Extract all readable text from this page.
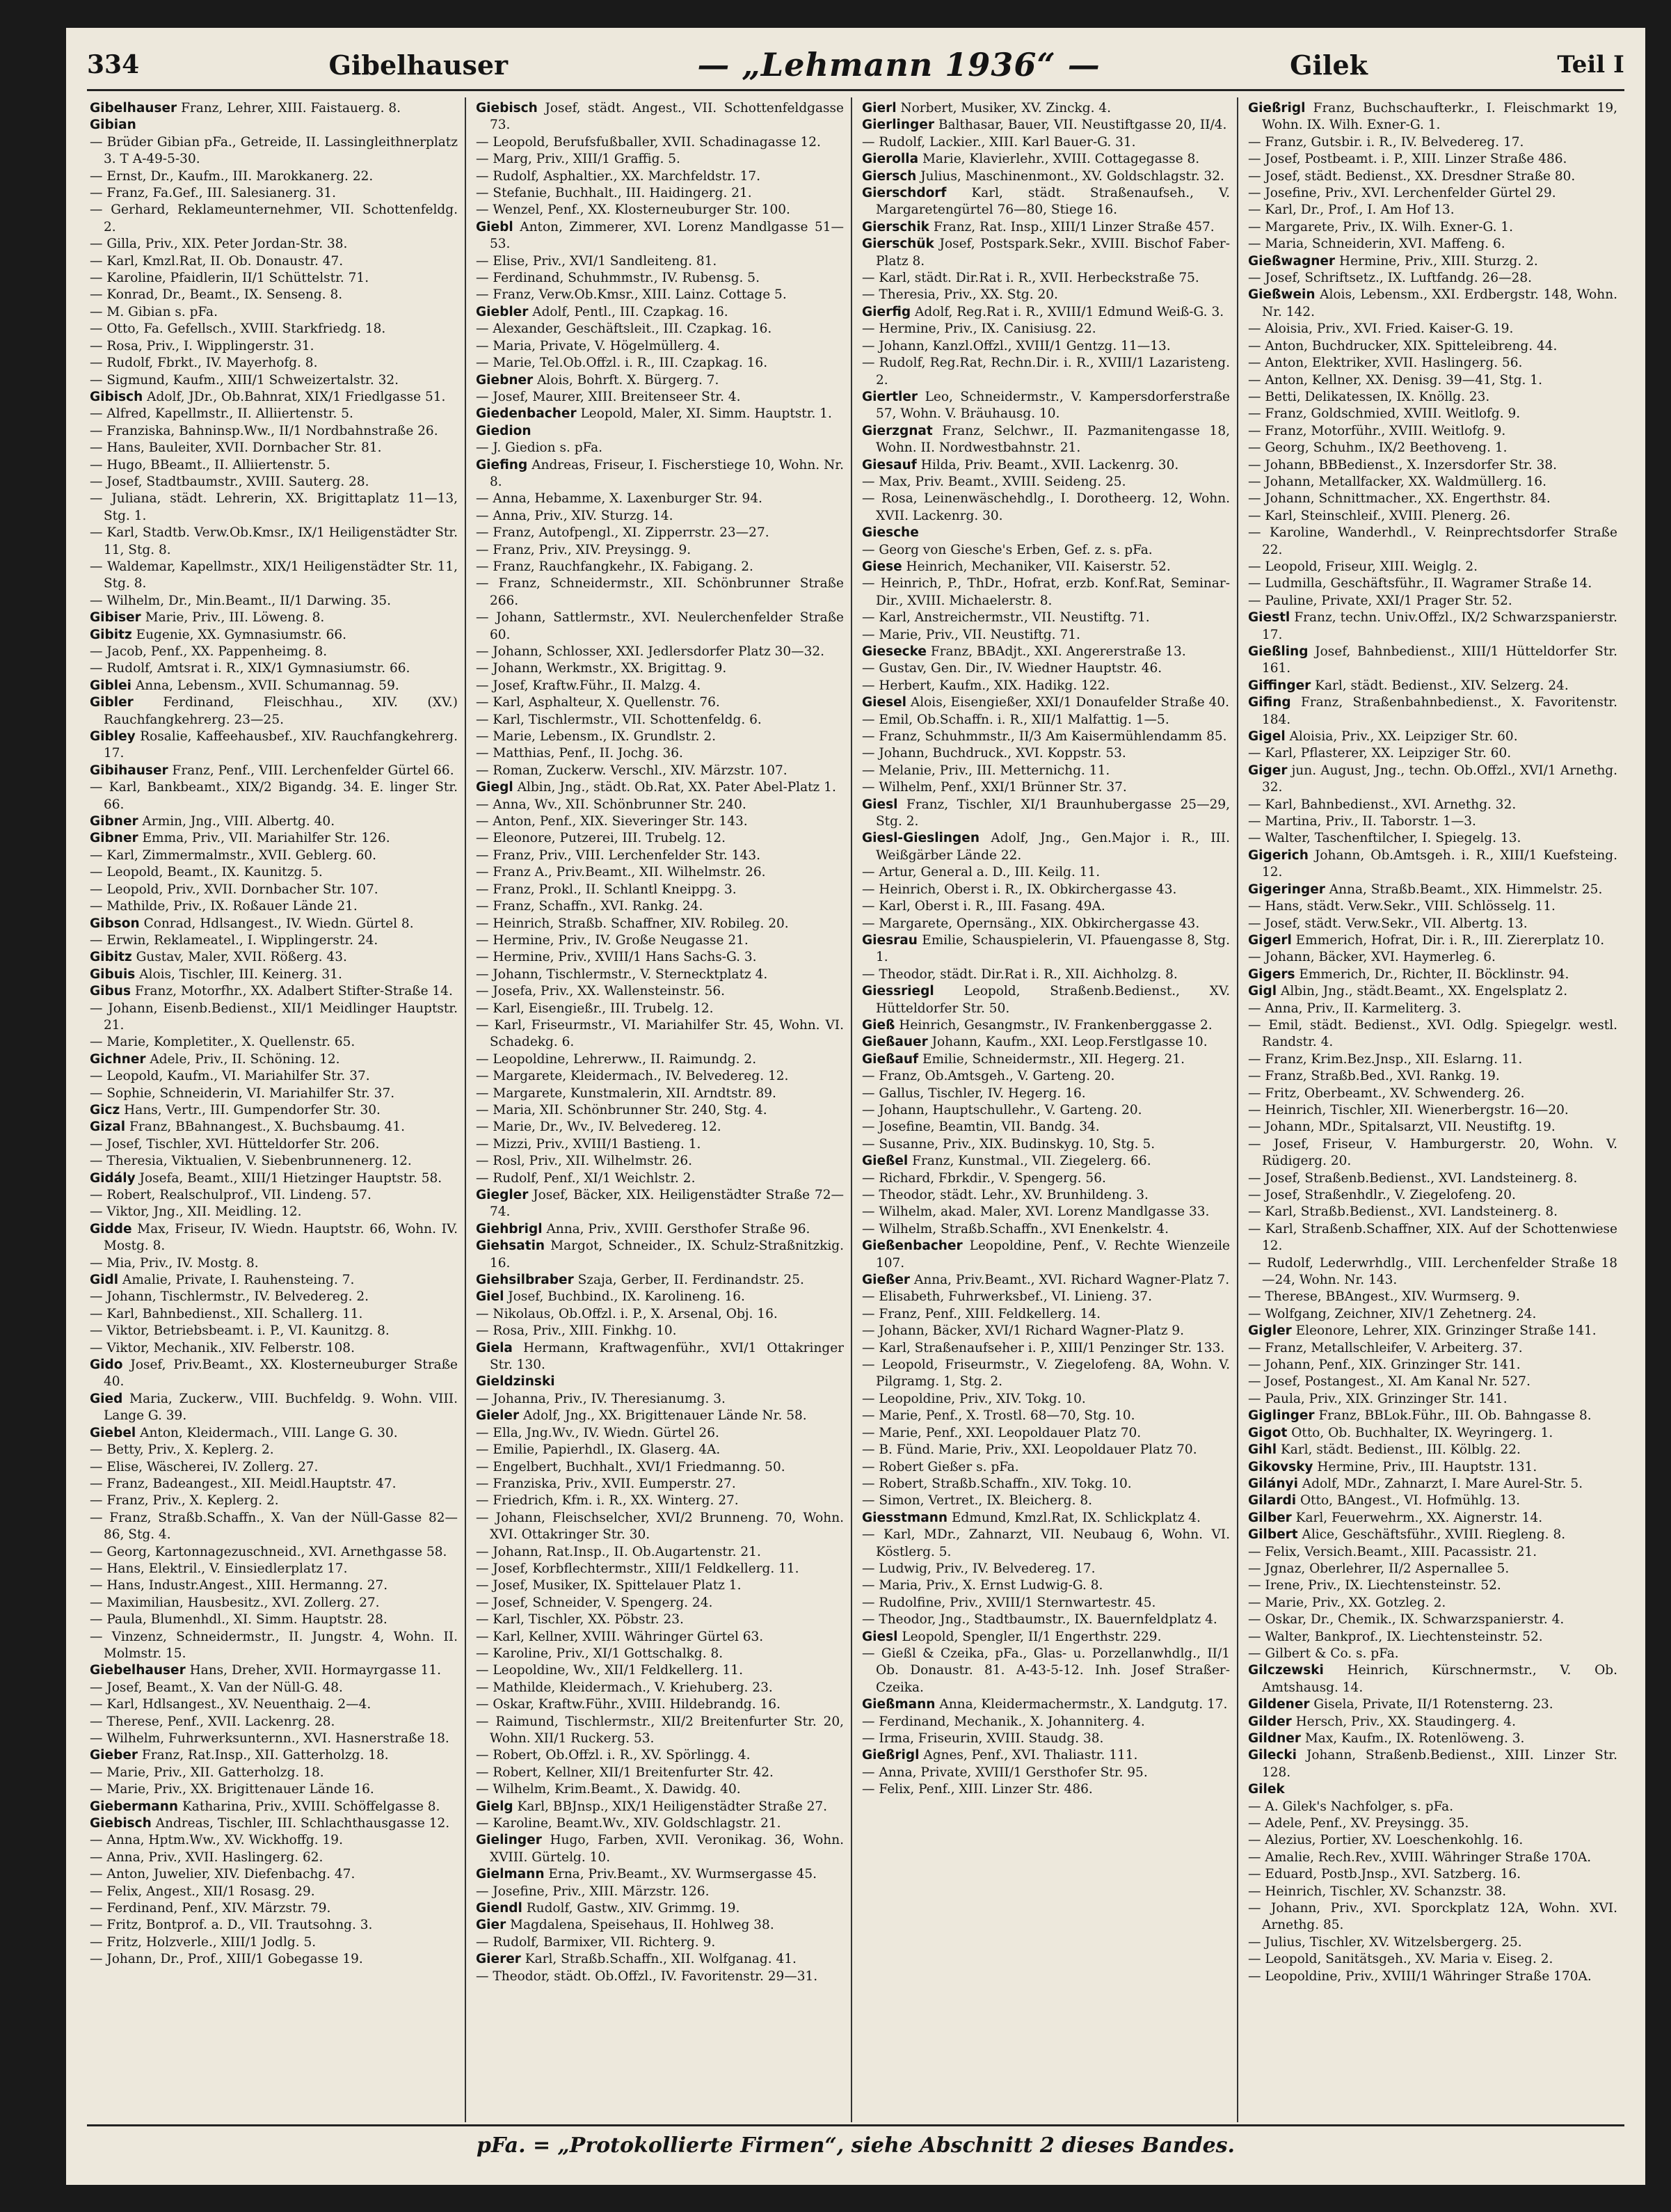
334	Gibelhauser	— „Lehmann 1936“ —	Gilek	Teil I

Gibelhauser Franz, Lehrer, XIII. Faistauerg. 8.

Gibian

— Brüder Gibian pFa., Getreide, II. Lassingleithnerplatz 3. T A-49-5-30.

— Ernst, Dr., Kaufm., III. Marokkanerg. 22.

— Franz, Fa.Gef., III. Salesianerg. 31.

— Gerhard, Reklameunternehmer, VII. Schottenfeldg. 2.

— Gilla, Priv., XIX. Peter Jordan-Str. 38.

— Karl, Kmzl.Rat, II. Ob. Donaustr. 47.

— Karoline, Pfaidlerin, II/1 Schüttelstr. 71.

— Konrad, Dr., Beamt., IX. Senseng. 8.

— M. Gibian s. pFa.

— Otto, Fa. Gefellsch., XVIII. Starkfriedg. 18.

— Rosa, Priv., I. Wipplingerstr. 31.

— Rudolf, Fbrkt., IV. Mayerhofg. 8.

— Sigmund, Kaufm., XIII/1 Schweizertalstr. 32.

Gibisch Adolf, JDr., Ob.Bahnrat, XIX/1 Friedlgasse 51.

— Alfred, Kapellmstr., II. Alliiertenstr. 5.

— Franziska, Bahninsp.Ww., II/1 Nordbahnstraße 26.

— Hans, Bauleiter, XVII. Dornbacher Str. 81.

— Hugo, BBeamt., II. Alliiertenstr. 5.

— Josef, Stadtbaumstr., XVIII. Sauterg. 28.

— Juliana, städt. Lehrerin, XX. Brigittaplatz 11—13, Stg. 1.

— Karl, Stadtb. Verw.Ob.Kmsr., IX/1 Heiligenstädter Str. 11, Stg. 8.

— Waldemar, Kapellmstr., XIX/1 Heiligenstädter Str. 11, Stg. 8.

— Wilhelm, Dr., Min.Beamt., II/1 Darwing. 35.

Gibiser Marie, Priv., III. Löweng. 8.

Gibitz Eugenie, XX. Gymnasiumstr. 66.

— Jacob, Penf., XX. Pappenheimg. 8.

— Rudolf, Amtsrat i. R., XIX/1 Gymnasiumstr. 66.

Giblei Anna, Lebensm., XVII. Schumannag. 59.

Gibler Ferdinand, Fleischhau., XIV. (XV.) Rauchfangkehrerg. 23—25.

Gibley Rosalie, Kaffeehausbef., XIV. Rauchfangkehrerg. 17.

Gibihauser Franz, Penf., VIII. Lerchenfelder Gürtel 66.

— Karl, Bankbeamt., XIX/2 Bigandg. 34. E. linger Str. 66.

Gibner Armin, Jng., VIII. Albertg. 40.

Gibner Emma, Priv., VII. Mariahilfer Str. 126.

— Karl, Zimmermalmstr., XVII. Geblerg. 60.

— Leopold, Beamt., IX. Kaunitzg. 5.

— Leopold, Priv., XVII. Dornbacher Str. 107.

— Mathilde, Priv., IX. Roßauer Lände 21.

Gibson Conrad, Hdlsangest., IV. Wiedn. Gürtel 8.

— Erwin, Reklameatel., I. Wipplingerstr. 24.

Gibitz Gustav, Maler, XVII. Rößerg. 43.

Gibuis Alois, Tischler, III. Keinerg. 31.

Gibus Franz, Motorfhr., XX. Adalbert Stifter-Straße 14.

— Johann, Eisenb.Bedienst., XII/1 Meidlinger Hauptstr. 21.

— Marie, Kompletiter., X. Quellenstr. 65.

Gichner Adele, Priv., II. Schöning. 12.

— Leopold, Kaufm., VI. Mariahilfer Str. 37.

— Sophie, Schneiderin, VI. Mariahilfer Str. 37.

Gicz Hans, Vertr., III. Gumpendorfer Str. 30.

Gizal Franz, BBahnangest., X. Buchsbaumg. 41.

— Josef, Tischler, XVI. Hütteldorfer Str. 206.

— Theresia, Viktualien, V. Siebenbrunnenerg. 12.

Gidály Josefa, Beamt., XIII/1 Hietzinger Hauptstr. 58.

— Robert, Realschulprof., VII. Lindeng. 57.

— Viktor, Jng., XII. Meidling. 12.

Gidde Max, Friseur, IV. Wiedn. Hauptstr. 66, Wohn. IV. Mostg. 8.

— Mia, Priv., IV. Mostg. 8.

Gidl Amalie, Private, I. Rauhensteing. 7.

— Johann, Tischlermstr., IV. Belvedereg. 2.

— Karl, Bahnbedienst., XII. Schallerg. 11.

— Viktor, Betriebsbeamt. i. P., VI. Kaunitzg. 8.

— Viktor, Mechanik., XIV. Felberstr. 108.

Gido Josef, Priv.Beamt., XX. Klosterneuburger Straße 40.

Gied Maria, Zuckerw., VIII. Buchfeldg. 9. Wohn. VIII. Lange G. 39.

Giebel Anton, Kleidermach., VIII. Lange G. 30.

— Betty, Priv., X. Keplerg. 2.

— Elise, Wäscherei, IV. Zollerg. 27.

— Franz, Badeangest., XII. Meidl.Hauptstr. 47.

— Franz, Priv., X. Keplerg. 2.

— Franz, Straßb.Schaffn., X. Van der Nüll-Gasse 82—86, Stg. 4.

— Georg, Kartonnagezuschneid., XVI. Arnethgasse 58.

— Hans, Elektril., V. Einsiedlerplatz 17.

— Hans, Industr.Angest., XIII. Hermanng. 27.

— Maximilian, Hausbesitz., XVI. Zollerg. 27.

— Paula, Blumenhdl., XI. Simm. Hauptstr. 28.

— Vinzenz, Schneidermstr., II. Jungstr. 4, Wohn. II. Molmstr. 15.

Giebelhauser Hans, Dreher, XVII. Hormayrgasse 11.

— Josef, Beamt., X. Van der Nüll-G. 48.

— Karl, Hdlsangest., XV. Neuenthaig. 2—4.

— Therese, Penf., XVII. Lackenrg. 28.

— Wilhelm, Fuhrwerksunternn., XVI. Hasnerstraße 18.

Gieber Franz, Rat.Insp., XII. Gatterholzg. 18.

— Marie, Priv., XII. Gatterholzg. 18.

— Marie, Priv., XX. Brigittenauer Lände 16.

Giebermann Katharina, Priv., XVIII. Schöffelgasse 8.

Giebisch Andreas, Tischler, III. Schlachthausgasse 12.

— Anna, Hptm.Ww., XV. Wickhoffg. 19.

— Anna, Priv., XVII. Haslingerg. 62.

— Anton, Juwelier, XIV. Diefenbachg. 47.

— Felix, Angest., XII/1 Rosasg. 29.

— Ferdinand, Penf., XIV. Märzstr. 79.

— Fritz, Bontprof. a. D., VII. Trautsohng. 3.

— Fritz, Holzverle., XIII/1 Jodlg. 5.

— Johann, Dr., Prof., XIII/1 Gobegasse 19.

Giebisch Josef, städt. Angest., VII. Schottenfeldgasse 73.

— Leopold, Berufsfußballer, XVII. Schadinagasse 12.

— Marg, Priv., XIII/1 Graffig. 5.

— Rudolf, Asphaltier., XX. Marchfeldstr. 17.

— Stefanie, Buchhalt., III. Haidingerg. 21.

— Wenzel, Penf., XX. Klosterneuburger Str. 100.

Giebl Anton, Zimmerer, XVI. Lorenz Mandlgasse 51—53.

— Elise, Priv., XVI/1 Sandleiteng. 81.

— Ferdinand, Schuhmmstr., IV. Rubensg. 5.

— Franz, Verw.Ob.Kmsr., XIII. Lainz. Cottage 5.

Giebler Adolf, Pentl., III. Czapkag. 16.

— Alexander, Geschäftsleit., III. Czapkag. 16.

— Maria, Private, V. Högelmüllerg. 4.

— Marie, Tel.Ob.Offzl. i. R., III. Czapkag. 16.

Giebner Alois, Bohrft. X. Bürgerg. 7.

— Josef, Maurer, XIII. Breitenseer Str. 4.

Giedenbacher Leopold, Maler, XI. Simm. Hauptstr. 1.

Giedion

— J. Giedion s. pFa.

Giefing Andreas, Friseur, I. Fischerstiege 10, Wohn. Nr. 8.

— Anna, Hebamme, X. Laxenburger Str. 94.

— Anna, Priv., XIV. Sturzg. 14.

— Franz, Autofpengl., XI. Zipperrstr. 23—27.

— Franz, Priv., XIV. Preysingg. 9.

— Franz, Rauchfangkehr., IX. Fabigang. 2.

— Franz, Schneidermstr., XII. Schönbrunner Straße 266.

— Johann, Sattlermstr., XVI. Neulerchenfelder Straße 60.

— Johann, Schlosser, XXI. Jedlersdorfer Platz 30—32.

— Johann, Werkmstr., XX. Brigittag. 9.

— Josef, Kraftw.Führ., II. Malzg. 4.

— Karl, Asphalteur, X. Quellenstr. 76.

— Karl, Tischlermstr., VII. Schottenfeldg. 6.

— Marie, Lebensm., IX. Grundlstr. 2.

— Matthias, Penf., II. Jochg. 36.

— Roman, Zuckerw. Verschl., XIV. Märzstr. 107.

Giegl Albin, Jng., städt. Ob.Rat, XX. Pater Abel-Platz 1.

— Anna, Wv., XII. Schönbrunner Str. 240.

— Anton, Penf., XIX. Sieveringer Str. 143.

— Eleonore, Putzerei, III. Trubelg. 12.

— Franz, Priv., VIII. Lerchenfelder Str. 143.

— Franz A., Priv.Beamt., XII. Wilhelmstr. 26.

— Franz, Prokl., II. Schlantl Kneippg. 3.

— Franz, Schaffn., XVI. Rankg. 24.

— Heinrich, Straßb. Schaffner, XIV. Robileg. 20.

— Hermine, Priv., IV. Große Neugasse 21.

— Hermine, Priv., XVIII/1 Hans Sachs-G. 3.

— Johann, Tischlermstr., V. Sternecktplatz 4.

— Josefa, Priv., XX. Wallensteinstr. 56.

— Karl, Eisengießr., III. Trubelg. 12.

— Karl, Friseurmstr., VI. Mariahilfer Str. 45, Wohn. VI. Schadekg. 6.

— Leopoldine, Lehrerww., II. Raimundg. 2.

— Margarete, Kleidermach., IV. Belvedereg. 12.

— Margarete, Kunstmalerin, XII. Arndtstr. 89.

— Maria, XII. Schönbrunner Str. 240, Stg. 4.

— Marie, Dr., Wv., IV. Belvedereg. 12.

— Mizzi, Priv., XVIII/1 Bastieng. 1.

— Rosl, Priv., XII. Wilhelmstr. 26.

— Rudolf, Penf., XI/1 Weichlstr. 2.

Giegler Josef, Bäcker, XIX. Heiligenstädter Straße 72—74.

Giehbrigl Anna, Priv., XVIII. Gersthofer Straße 96.

Giehsatin Margot, Schneider., IX. Schulz-Straßnitzkig. 16.

Giehsilbraber Szaja, Gerber, II. Ferdinandstr. 25.

Giel Josef, Buchbind., IX. Karolineng. 16.

— Nikolaus, Ob.Offzl. i. P., X. Arsenal, Obj. 16.

— Rosa, Priv., XIII. Finkhg. 10.

Giela Hermann, Kraftwagenführ., XVI/1 Ottakringer Str. 130.

Gieldzinski

— Johanna, Priv., IV. Theresianumg. 3.

Gieler Adolf, Jng., XX. Brigittenauer Lände Nr. 58.

— Ella, Jng.Wv., IV. Wiedn. Gürtel 26.

— Emilie, Papierhdl., IX. Glaserg. 4A.

— Engelbert, Buchhalt., XVI/1 Friedmanng. 50.

— Franziska, Priv., XVII. Eumperstr. 27.

— Friedrich, Kfm. i. R., XX. Winterg. 27.

— Johann, Fleischselcher, XVI/2 Brunneng. 70, Wohn. XVI. Ottakringer Str. 30.

— Johann, Rat.Insp., II. Ob.Augartenstr. 21.

— Josef, Korbflechtermstr., XIII/1 Feldkellerg. 11.

— Josef, Musiker, IX. Spittelauer Platz 1.

— Josef, Schneider, V. Spengerg. 24.

— Karl, Tischler, XX. Pöbstr. 23.

— Karl, Kellner, XVIII. Währinger Gürtel 63.

— Karoline, Priv., XI/1 Gottschalkg. 8.

— Leopoldine, Wv., XII/1 Feldkellerg. 11.

— Mathilde, Kleidermach., V. Kriehuberg. 23.

— Oskar, Kraftw.Führ., XVIII. Hildebrandg. 16.

— Raimund, Tischlermstr., XII/2 Breitenfurter Str. 20, Wohn. XII/1 Ruckerg. 53.

— Robert, Ob.Offzl. i. R., XV. Spörlingg. 4.

— Robert, Kellner, XII/1 Breitenfurter Str. 42.

— Wilhelm, Krim.Beamt., X. Dawidg. 40.

Gielg Karl, BBJnsp., XIX/1 Heiligenstädter Straße 27.

— Karoline, Beamt.Wv., XIV. Goldschlagstr. 21.

Gielinger Hugo, Farben, XVII. Veronikag. 36, Wohn. XVIII. Gürtelg. 10.

Gielmann Erna, Priv.Beamt., XV. Wurmsergasse 45.

— Josefine, Priv., XIII. Märzstr. 126.

Giendl Rudolf, Gastw., XIV. Grimmg. 19.

Gier Magdalena, Speisehaus, II. Hohlweg 38.

— Rudolf, Barmixer, VII. Richterg. 9.

Gierer Karl, Straßb.Schaffn., XII. Wolfganag. 41.

— Theodor, städt. Ob.Offzl., IV. Favoritenstr. 29—31.

Gierl Norbert, Musiker, XV. Zinckg. 4.

Gierlinger Balthasar, Bauer, VII. Neustiftgasse 20, II/4.

— Rudolf, Lackier., XIII. Karl Bauer-G. 31.

Gierolla Marie, Klavierlehr., XVIII. Cottagegasse 8.

Giersch Julius, Maschinenmont., XV. Goldschlagstr. 32.

Gierschdorf Karl, städt. Straßenaufseh., V. Margaretengürtel 76—80, Stiege 16.

Gierschik Franz, Rat. Insp., XIII/1 Linzer Straße 457.

Gierschük Josef, Postspark.Sekr., XVIII. Bischof Faber-Platz 8.

— Karl, städt. Dir.Rat i. R., XVII. Herbeckstraße 75.

— Theresia, Priv., XX. Stg. 20.

Gierfig Adolf, Reg.Rat i. R., XVIII/1 Edmund Weiß-G. 3.

— Hermine, Priv., IX. Canisiusg. 22.

— Johann, Kanzl.Offzl., XVIII/1 Gentzg. 11—13.

— Rudolf, Reg.Rat, Rechn.Dir. i. R., XVIII/1 Lazaristeng. 2.

Giertler Leo, Schneidermstr., V. Kampersdorferstraße 57, Wohn. V. Bräuhausg. 10.

Gierzgnat Franz, Selchwr., II. Pazmanitengasse 18, Wohn. II. Nordwestbahnstr. 21.

Giesauf Hilda, Priv. Beamt., XVII. Lackenrg. 30.

— Max, Priv. Beamt., XVIII. Seideng. 25.

— Rosa, Leinenwäschehdlg., I. Dorotheerg. 12, Wohn. XVII. Lackenrg. 30.

Giesche

— Georg von Giesche's Erben, Gef. z. s. pFa.

Giese Heinrich, Mechaniker, VII. Kaiserstr. 52.

— Heinrich, P., ThDr., Hofrat, erzb. Konf.Rat, Seminar-Dir., XVIII. Michaelerstr. 8.

— Karl, Anstreichermstr., VII. Neustiftg. 71.

— Marie, Priv., VII. Neustiftg. 71.

Giesecke Franz, BBAdjt., XXI. Angererstraße 13.

— Gustav, Gen. Dir., IV. Wiedner Hauptstr. 46.

— Herbert, Kaufm., XIX. Hadikg. 122.

Giesel Alois, Eisengießer, XXI/1 Donaufelder Straße 40.

— Emil, Ob.Schaffn. i. R., XII/1 Malfattig. 1—5.

— Franz, Schuhmmstr., II/3 Am Kaisermühlendamm 85.

— Johann, Buchdruck., XVI. Koppstr. 53.

— Melanie, Priv., III. Metternichg. 11.

— Wilhelm, Penf., XXI/1 Brünner Str. 37.

Giesl Franz, Tischler, XI/1 Braunhubergasse 25—29, Stg. 2.

Giesl-Gieslingen Adolf, Jng., Gen.Major i. R., III. Weißgärber Lände 22.

— Artur, General a. D., III. Keilg. 11.

— Heinrich, Oberst i. R., IX. Obkirchergasse 43.

— Karl, Oberst i. R., III. Fasang. 49A.

— Margarete, Opernsäng., XIX. Obkirchergasse 43.

Giesrau Emilie, Schauspielerin, VI. Pfauengasse 8, Stg. 1.

— Theodor, städt. Dir.Rat i. R., XII. Aichholzg. 8.

Giessriegl Leopold, Straßenb.Bedienst., XV. Hütteldorfer Str. 50.

Gieß Heinrich, Gesangmstr., IV. Frankenberggasse 2.

Gießauer Johann, Kaufm., XXI. Leop.Ferstlgasse 10.

Gießauf Emilie, Schneidermstr., XII. Hegerg. 21.

— Franz, Ob.Amtsgeh., V. Garteng. 20.

— Gallus, Tischler, IV. Hegerg. 16.

— Johann, Hauptschullehr., V. Garteng. 20.

— Josefine, Beamtin, VII. Bandg. 34.

— Susanne, Priv., XIX. Budinskyg. 10, Stg. 5.

Gießel Franz, Kunstmal., VII. Ziegelerg. 66.

— Richard, Fbrkdir., V. Spengerg. 56.

— Theodor, städt. Lehr., XV. Brunhildeng. 3.

— Wilhelm, akad. Maler, XVI. Lorenz Mandlgasse 33.

— Wilhelm, Straßb.Schaffn., XVI Enenkelstr. 4.

Gießenbacher Leopoldine, Penf., V. Rechte Wienzeile 107.

Gießer Anna, Priv.Beamt., XVI. Richard Wagner-Platz 7.

— Elisabeth, Fuhrwerksbef., VI. Linieng. 37.

— Franz, Penf., XIII. Feldkellerg. 14.

— Johann, Bäcker, XVI/1 Richard Wagner-Platz 9.

— Karl, Straßenaufseher i. P., XIII/1 Penzinger Str. 133.

— Leopold, Friseurmstr., V. Ziegelofeng. 8A, Wohn. V. Pilgramg. 1, Stg. 2.

— Leopoldine, Priv., XIV. Tokg. 10.

— Marie, Penf., X. Trostl. 68—70, Stg. 10.

— Marie, Penf., XXI. Leopoldauer Platz 70.

— B. Fünd. Marie, Priv., XXI. Leopoldauer Platz 70.

— Robert Gießer s. pFa.

— Robert, Straßb.Schaffn., XIV. Tokg. 10.

— Simon, Vertret., IX. Bleicherg. 8.

Giesstmann Edmund, Kmzl.Rat, IX. Schlickplatz 4.

— Karl, MDr., Zahnarzt, VII. Neubaug 6, Wohn. VI. Köstlerg. 5.

— Ludwig, Priv., IV. Belvedereg. 17.

— Maria, Priv., X. Ernst Ludwig-G. 8.

— Rudolfine, Priv., XVIII/1 Sternwartestr. 45.

— Theodor, Jng., Stadtbaumstr., IX. Bauernfeldplatz 4.

Giesl Leopold, Spengler, II/1 Engerthstr. 229.

— Gießl & Czeika, pFa., Glas- u. Porzellanwhdlg., II/1 Ob. Donaustr. 81. A-43-5-12. Inh. Josef Straßer-Czeika.

Gießmann Anna, Kleidermachermstr., X. Landgutg. 17.

— Ferdinand, Mechanik., X. Johanniterg. 4.

— Irma, Friseurin, XVIII. Staudg. 38.

Gießrigl Agnes, Penf., XVI. Thaliastr. 111.

— Anna, Private, XVIII/1 Gersthofer Str. 95.

— Felix, Penf., XIII. Linzer Str. 486.

Gießrigl Franz, Buchschaufterkr., I. Fleischmarkt 19, Wohn. IX. Wilh. Exner-G. 1.

— Franz, Gutsbir. i. R., IV. Belvedereg. 17.

— Josef, Postbeamt. i. P., XIII. Linzer Straße 486.

— Josef, städt. Bedienst., XX. Dresdner Straße 80.

— Josefine, Priv., XVI. Lerchenfelder Gürtel 29.

— Karl, Dr., Prof., I. Am Hof 13.

— Margarete, Priv., IX. Wilh. Exner-G. 1.

— Maria, Schneiderin, XVI. Maffeng. 6.

Gießwagner Hermine, Priv., XIII. Sturzg. 2.

— Josef, Schriftsetz., IX. Luftfandg. 26—28.

Gießwein Alois, Lebensm., XXI. Erdbergstr. 148, Wohn. Nr. 142.

— Aloisia, Priv., XVI. Fried. Kaiser-G. 19.

— Anton, Buchdrucker, XIX. Spitteleibreng. 44.

— Anton, Elektriker, XVII. Haslingerg. 56.

— Anton, Kellner, XX. Denisg. 39—41, Stg. 1.

— Betti, Delikatessen, IX. Knöllg. 23.

— Franz, Goldschmied, XVIII. Weitlofg. 9.

— Franz, Motorführ., XVIII. Weitlofg. 9.

— Georg, Schuhm., IX/2 Beethoveng. 1.

— Johann, BBBedienst., X. Inzersdorfer Str. 38.

— Johann, Metallfacker, XX. Waldmüllerg. 16.

— Johann, Schnittmacher., XX. Engerthstr. 84.

— Karl, Steinschleif., XVIII. Plenerg. 26.

— Karoline, Wanderhdl., V. Reinprechtsdorfer Straße 22.

— Leopold, Friseur, XIII. Weiglg. 2.

— Ludmilla, Geschäftsführ., II. Wagramer Straße 14.

— Pauline, Private, XXI/1 Prager Str. 52.

Giestl Franz, techn. Univ.Offzl., IX/2 Schwarzspanierstr. 17.

Gießling Josef, Bahnbedienst., XIII/1 Hütteldorfer Str. 161.

Giffinger Karl, städt. Bedienst., XIV. Selzerg. 24.

Gifing Franz, Straßenbahnbedienst., X. Favoritenstr. 184.

Gigel Aloisia, Priv., XX. Leipziger Str. 60.

— Karl, Pflasterer, XX. Leipziger Str. 60.

Giger jun. August, Jng., techn. Ob.Offzl., XVI/1 Arnethg. 32.

— Karl, Bahnbedienst., XVI. Arnethg. 32.

— Martina, Priv., II. Taborstr. 1—3.

— Walter, Taschenftilcher, I. Spiegelg. 13.

Gigerich Johann, Ob.Amtsgeh. i. R., XIII/1 Kuefsteing. 12.

Gigeringer Anna, Straßb.Beamt., XIX. Himmelstr. 25.

— Hans, städt. Verw.Sekr., VIII. Schlösselg. 11.

— Josef, städt. Verw.Sekr., VII. Albertg. 13.

Gigerl Emmerich, Hofrat, Dir. i. R., III. Ziererplatz 10.

— Johann, Bäcker, XVI. Haymerleg. 6.

Gigers Emmerich, Dr., Richter, II. Böcklinstr. 94.

Gigl Albin, Jng., städt.Beamt., XX. Engelsplatz 2.

— Anna, Priv., II. Karmeliterg. 3.

— Emil, städt. Bedienst., XVI. Odlg. Spiegelgr. westl. Randstr. 4.

— Franz, Krim.Bez.Jnsp., XII. Eslarng. 11.

— Franz, Straßb.Bed., XVI. Rankg. 19.

— Fritz, Oberbeamt., XV. Schwenderg. 26.

— Heinrich, Tischler, XII. Wienerbergstr. 16—20.

— Johann, MDr., Spitalsarzt, VII. Neustiftg. 19.

— Josef, Friseur, V. Hamburgerstr. 20, Wohn. V. Rüdigerg. 20.

— Josef, Straßenb.Bedienst., XVI. Landsteinerg. 8.

— Josef, Straßenhdlr., V. Ziegelofeng. 20.

— Karl, Straßb.Bedienst., XVI. Landsteinerg. 8.

— Karl, Straßenb.Schaffner, XIX. Auf der Schottenwiese 12.

— Rudolf, Lederwrhdlg., VIII. Lerchenfelder Straße 18—24, Wohn. Nr. 143.

— Therese, BBAngest., XIV. Wurmserg. 9.

— Wolfgang, Zeichner, XIV/1 Zehetnerg. 24.

Gigler Eleonore, Lehrer, XIX. Grinzinger Straße 141.

— Franz, Metallschleifer, V. Arbeiterg. 37.

— Johann, Penf., XIX. Grinzinger Str. 141.

— Josef, Postangest., XI. Am Kanal Nr. 527.

— Paula, Priv., XIX. Grinzinger Str. 141.

Giglinger Franz, BBLok.Führ., III. Ob. Bahngasse 8.

Gigot Otto, Ob. Buchhalter, IX. Weyringerg. 1.

Gihl Karl, städt. Bedienst., III. Kölblg. 22.

Gikovsky Hermine, Priv., III. Hauptstr. 131.

Gilányi Adolf, MDr., Zahnarzt, I. Mare Aurel-Str. 5.

Gilardi Otto, BAngest., VI. Hofmühlg. 13.

Gilber Karl, Feuerwehrm., XX. Aignerstr. 14.

Gilbert Alice, Geschäftsführ., XVIII. Riegleng. 8.

— Felix, Versich.Beamt., XIII. Pacassistr. 21.

— Jgnaz, Oberlehrer, II/2 Aspernallee 5.

— Irene, Priv., IX. Liechtensteinstr. 52.

— Marie, Priv., XX. Gotzleg. 2.

— Oskar, Dr., Chemik., IX. Schwarzspanierstr. 4.

— Walter, Bankprof., IX. Liechtensteinstr. 52.

— Gilbert & Co. s. pFa.

Gilczewski Heinrich, Kürschnermstr., V. Ob. Amtshausg. 14.

Gildener Gisela, Private, II/1 Rotensterng. 23.

Gilder Hersch, Priv., XX. Staudingerg. 4.

Gildner Max, Kaufm., IX. Rotenlöweng. 3.

Gilecki Johann, Straßenb.Bedienst., XIII. Linzer Str. 128.

Gilek

— A. Gilek's Nachfolger, s. pFa.

— Adele, Penf., XV. Preysingg. 35.

— Alezius, Portier, XV. Loeschenkohlg. 16.

— Amalie, Rech.Rev., XVIII. Währinger Straße 170A.

— Eduard, Postb.Jnsp., XVI. Satzberg. 16.

— Heinrich, Tischler, XV. Schanzstr. 38.

— Johann, Priv., XVI. Sporckplatz 12A, Wohn. XVI. Arnethg. 85.

— Julius, Tischler, XV. Witzelsbergerg. 25.

— Leopold, Sanitätsgeh., XV. Maria v. Eiseg. 2.

— Leopoldine, Priv., XVIII/1 Währinger Straße 170A.

pFa. = „Protokollierte Firmen“, siehe Abschnitt 2 dieses Bandes.
